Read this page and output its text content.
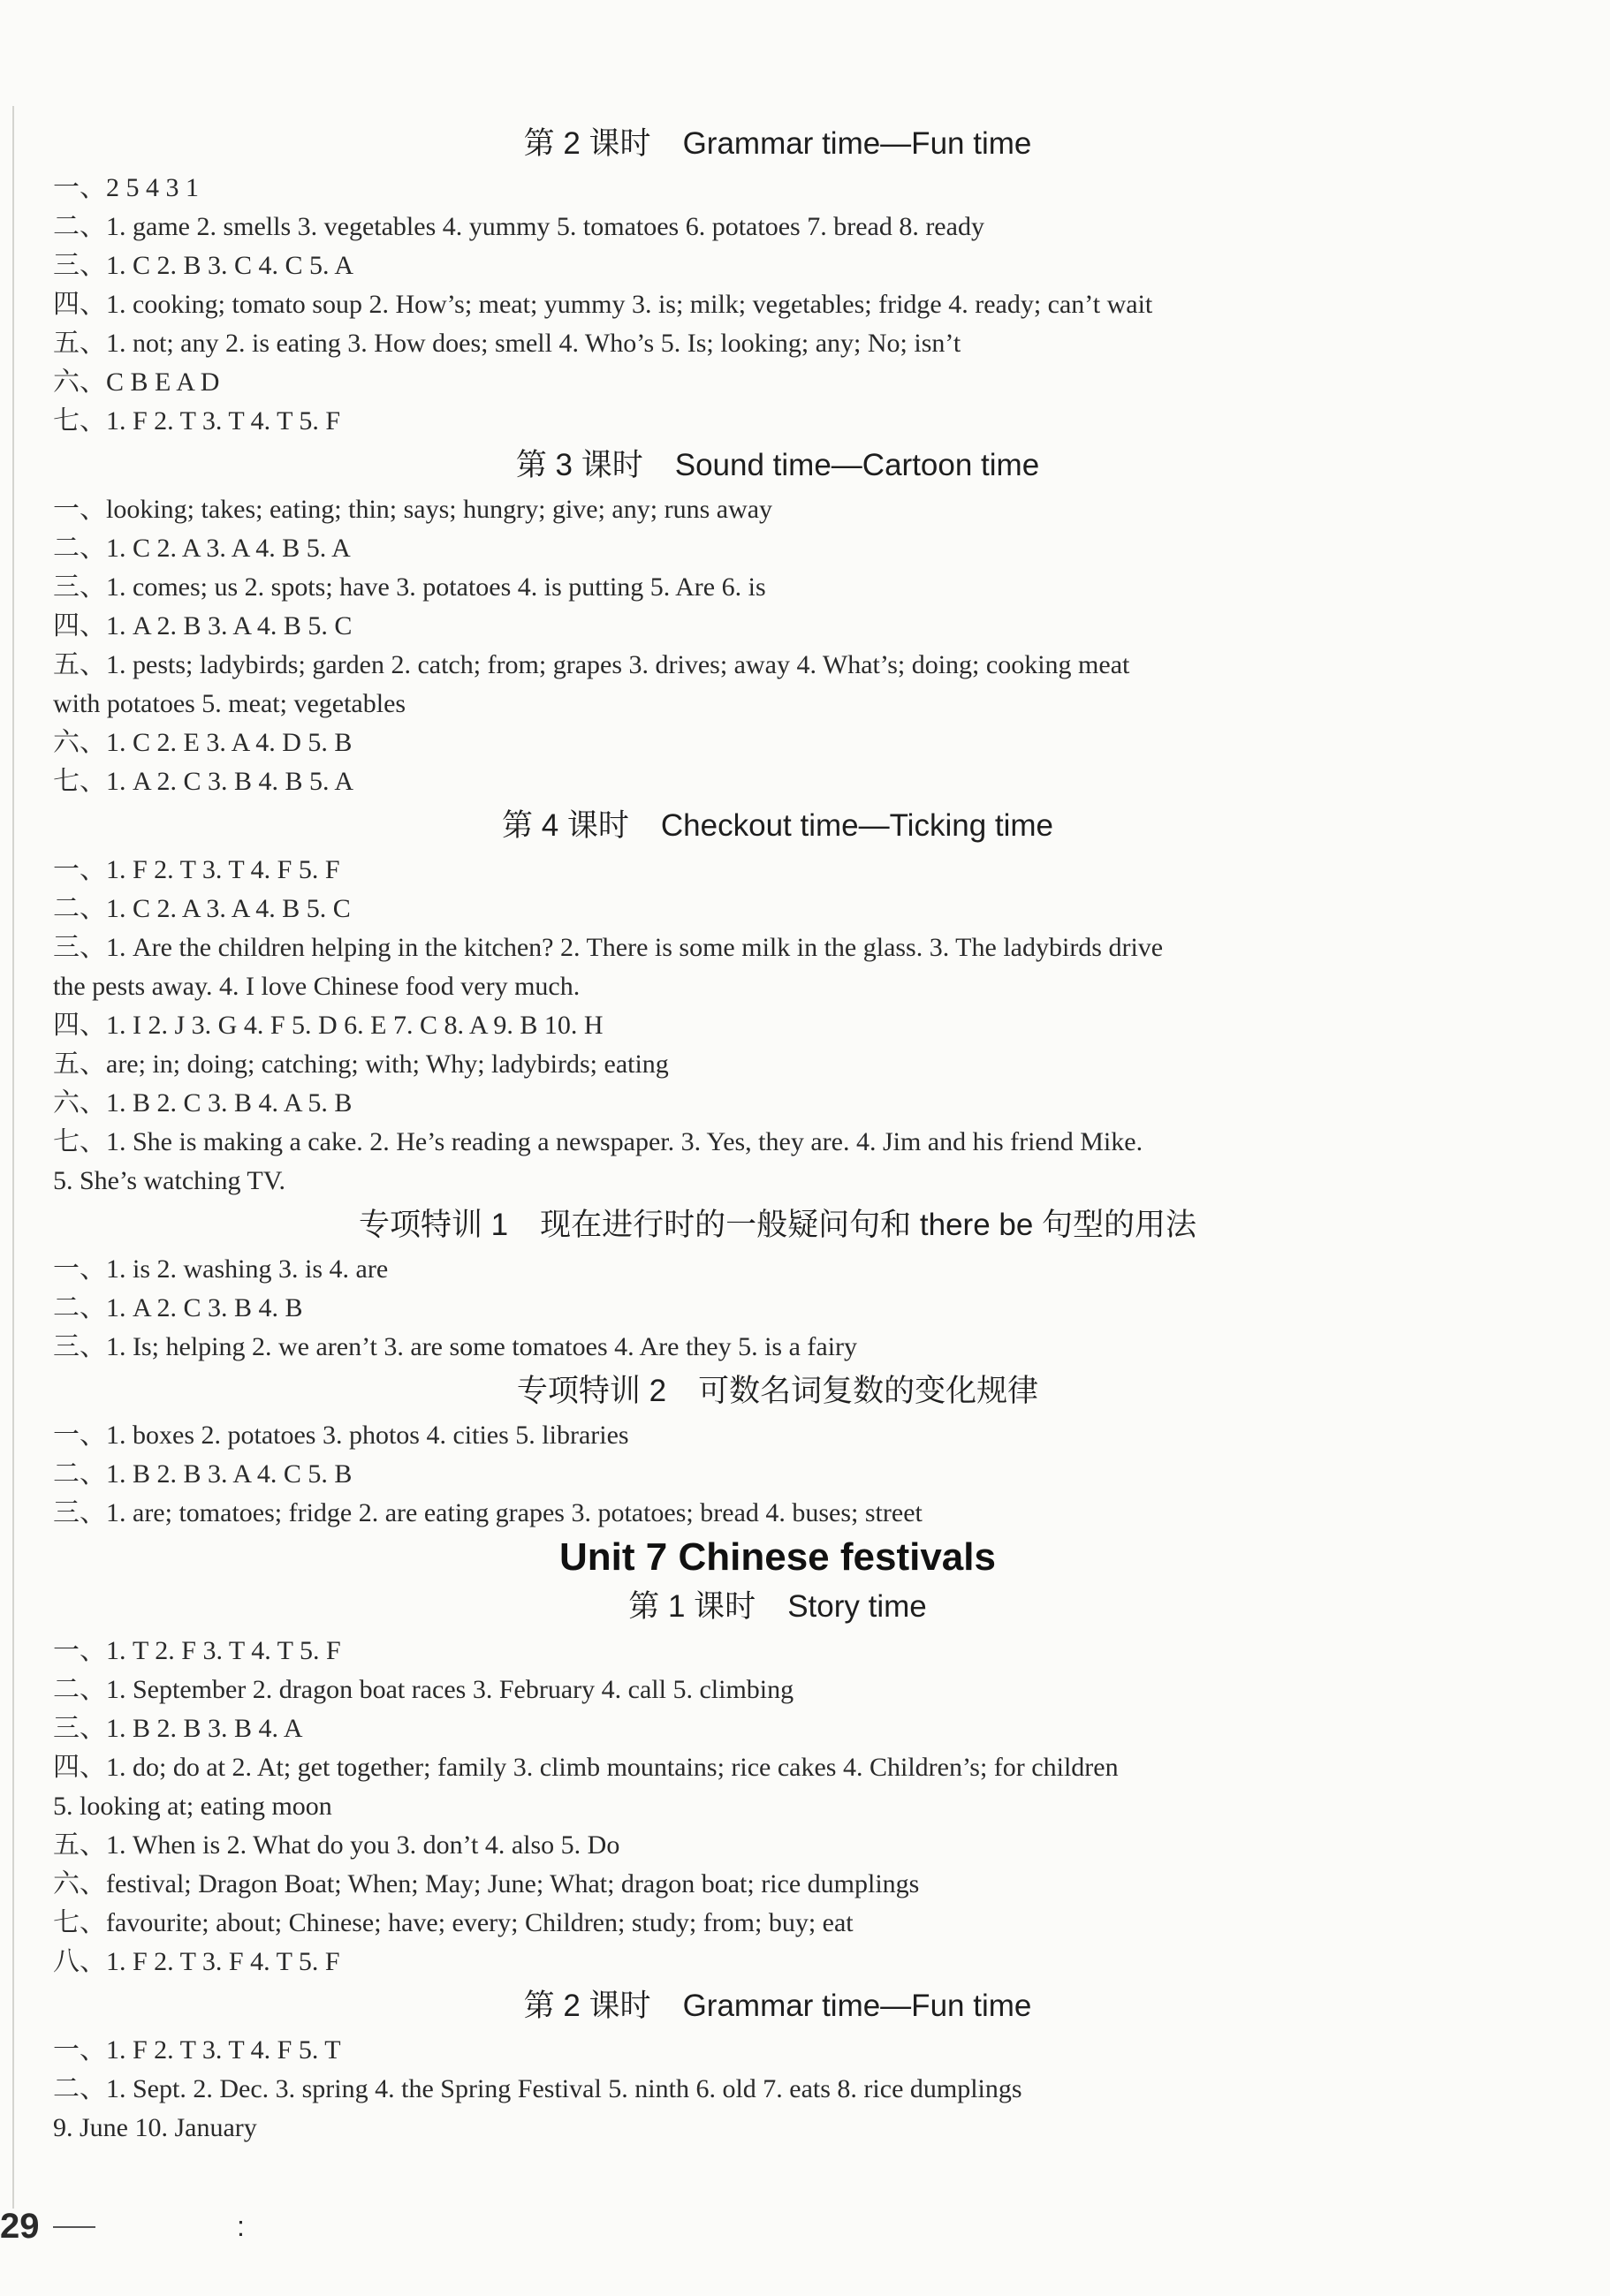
第 2 课时 Grammar time—Fun time
一、2 5 4 3 1
二、1. game 2. smells 3. vegetables 4. yummy 5. tomatoes 6. potatoes 7. bread 8. ready
三、1. C 2. B 3. C 4. C 5. A
四、1. cooking; tomato soup 2. How’s; meat; yummy 3. is; milk; vegetables; fridge 4. ready; can’t wait
五、1. not; any 2. is eating 3. How does; smell 4. Who’s 5. Is; looking; any; No; isn’t
六、C B E A D
七、1. F 2. T 3. T 4. T 5. F
第 3 课时 Sound time—Cartoon time
一、looking; takes; eating; thin; says; hungry; give; any; runs away
二、1. C 2. A 3. A 4. B 5. A
三、1. comes; us 2. spots; have 3. potatoes 4. is putting 5. Are 6. is
四、1. A 2. B 3. A 4. B 5. C
五、1. pests; ladybirds; garden 2. catch; from; grapes 3. drives; away 4. What’s; doing; cooking meat
with potatoes 5. meat; vegetables
六、1. C 2. E 3. A 4. D 5. B
七、1. A 2. C 3. B 4. B 5. A
第 4 课时 Checkout time—Ticking time
一、1. F 2. T 3. T 4. F 5. F
二、1. C 2. A 3. A 4. B 5. C
三、1. Are the children helping in the kitchen? 2. There is some milk in the glass. 3. The ladybirds drive
the pests away. 4. I love Chinese food very much.
四、1. I 2. J 3. G 4. F 5. D 6. E 7. C 8. A 9. B 10. H
五、are; in; doing; catching; with; Why; ladybirds; eating
六、1. B 2. C 3. B 4. A 5. B
七、1. She is making a cake. 2. He’s reading a newspaper. 3. Yes, they are. 4. Jim and his friend Mike.
5. She’s watching TV.
专项特训 1 现在进行时的一般疑问句和 there be 句型的用法
一、1. is 2. washing 3. is 4. are
二、1. A 2. C 3. B 4. B
三、1. Is; helping 2. we aren’t 3. are some tomatoes 4. Are they 5. is a fairy
专项特训 2 可数名词复数的变化规律
一、1. boxes 2. potatoes 3. photos 4. cities 5. libraries
二、1. B 2. B 3. A 4. C 5. B
三、1. are; tomatoes; fridge 2. are eating grapes 3. potatoes; bread 4. buses; street
Unit 7 Chinese festivals
第 1 课时 Story time
一、1. T 2. F 3. T 4. T 5. F
二、1. September 2. dragon boat races 3. February 4. call 5. climbing
三、1. B 2. B 3. B 4. A
四、1. do; do at 2. At; get together; family 3. climb mountains; rice cakes 4. Children’s; for children
5. looking at; eating moon
五、1. When is 2. What do you 3. don’t 4. also 5. Do
六、festival; Dragon Boat; When; May; June; What; dragon boat; rice dumplings
七、favourite; about; Chinese; have; every; Children; study; from; buy; eat
八、1. F 2. T 3. F 4. T 5. F
第 2 课时 Grammar time—Fun time
一、1. F 2. T 3. T 4. F 5. T
二、1. Sept. 2. Dec. 3. spring 4. the Spring Festival 5. ninth 6. old 7. eats 8. rice dumplings
9. June 10. January
29	:
